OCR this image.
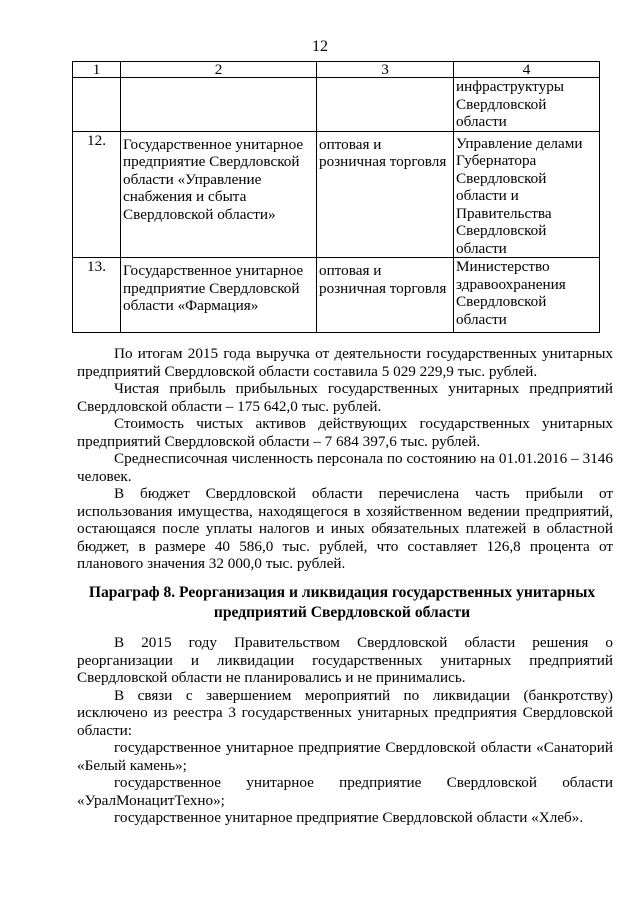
12
1	2	3	4
			инфраструктуры Свердловской области
12.	Государственное унитарное предприятие Свердловской области «Управление снабжения и сбыта Свердловской области»	оптовая и розничная торговля	Управление делами Губернатора Свердловской области и Правительства Свердловской области
13.	Государственное унитарное предприятие Свердловской области «Фармация»	оптовая и розничная торговля	Министерство здравоохранения Свердловской области

По итогам 2015 года выручка от деятельности государственных унитарных предприятий Свердловской области составила 5 029 229,9 тыс. рублей.

Чистая прибыль прибыльных государственных унитарных предприятий Свердловской области – 175 642,0 тыс. рублей.

Стоимость чистых активов действующих государственных унитарных предприятий Свердловской области – 7 684 397,6 тыс. рублей.

Среднесписочная численность персонала по состоянию на 01.01.2016 – 3146 человек.

В бюджет Свердловской области перечислена часть прибыли от использования имущества, находящегося в хозяйственном ведении предприятий, остающаяся после уплаты налогов и иных обязательных платежей в областной бюджет, в размере 40 586,0 тыс. рублей, что составляет 126,8 процента от планового значения 32 000,0 тыс. рублей.

Параграф 8. Реорганизация и ликвидация государственных унитарных предприятий Свердловской области

В 2015 году Правительством Свердловской области решения о реорганизации и ликвидации государственных унитарных предприятий Свердловской области не планировались и не принимались.

В связи с завершением мероприятий по ликвидации (банкротству) исключено из реестра 3 государственных унитарных предприятия Свердловской области:

государственное унитарное предприятие Свердловской области «Санаторий «Белый камень»;

государственное унитарное предприятие Свердловской области «УралМонацитТехно»;

государственное унитарное предприятие Свердловской области «Хлеб».
